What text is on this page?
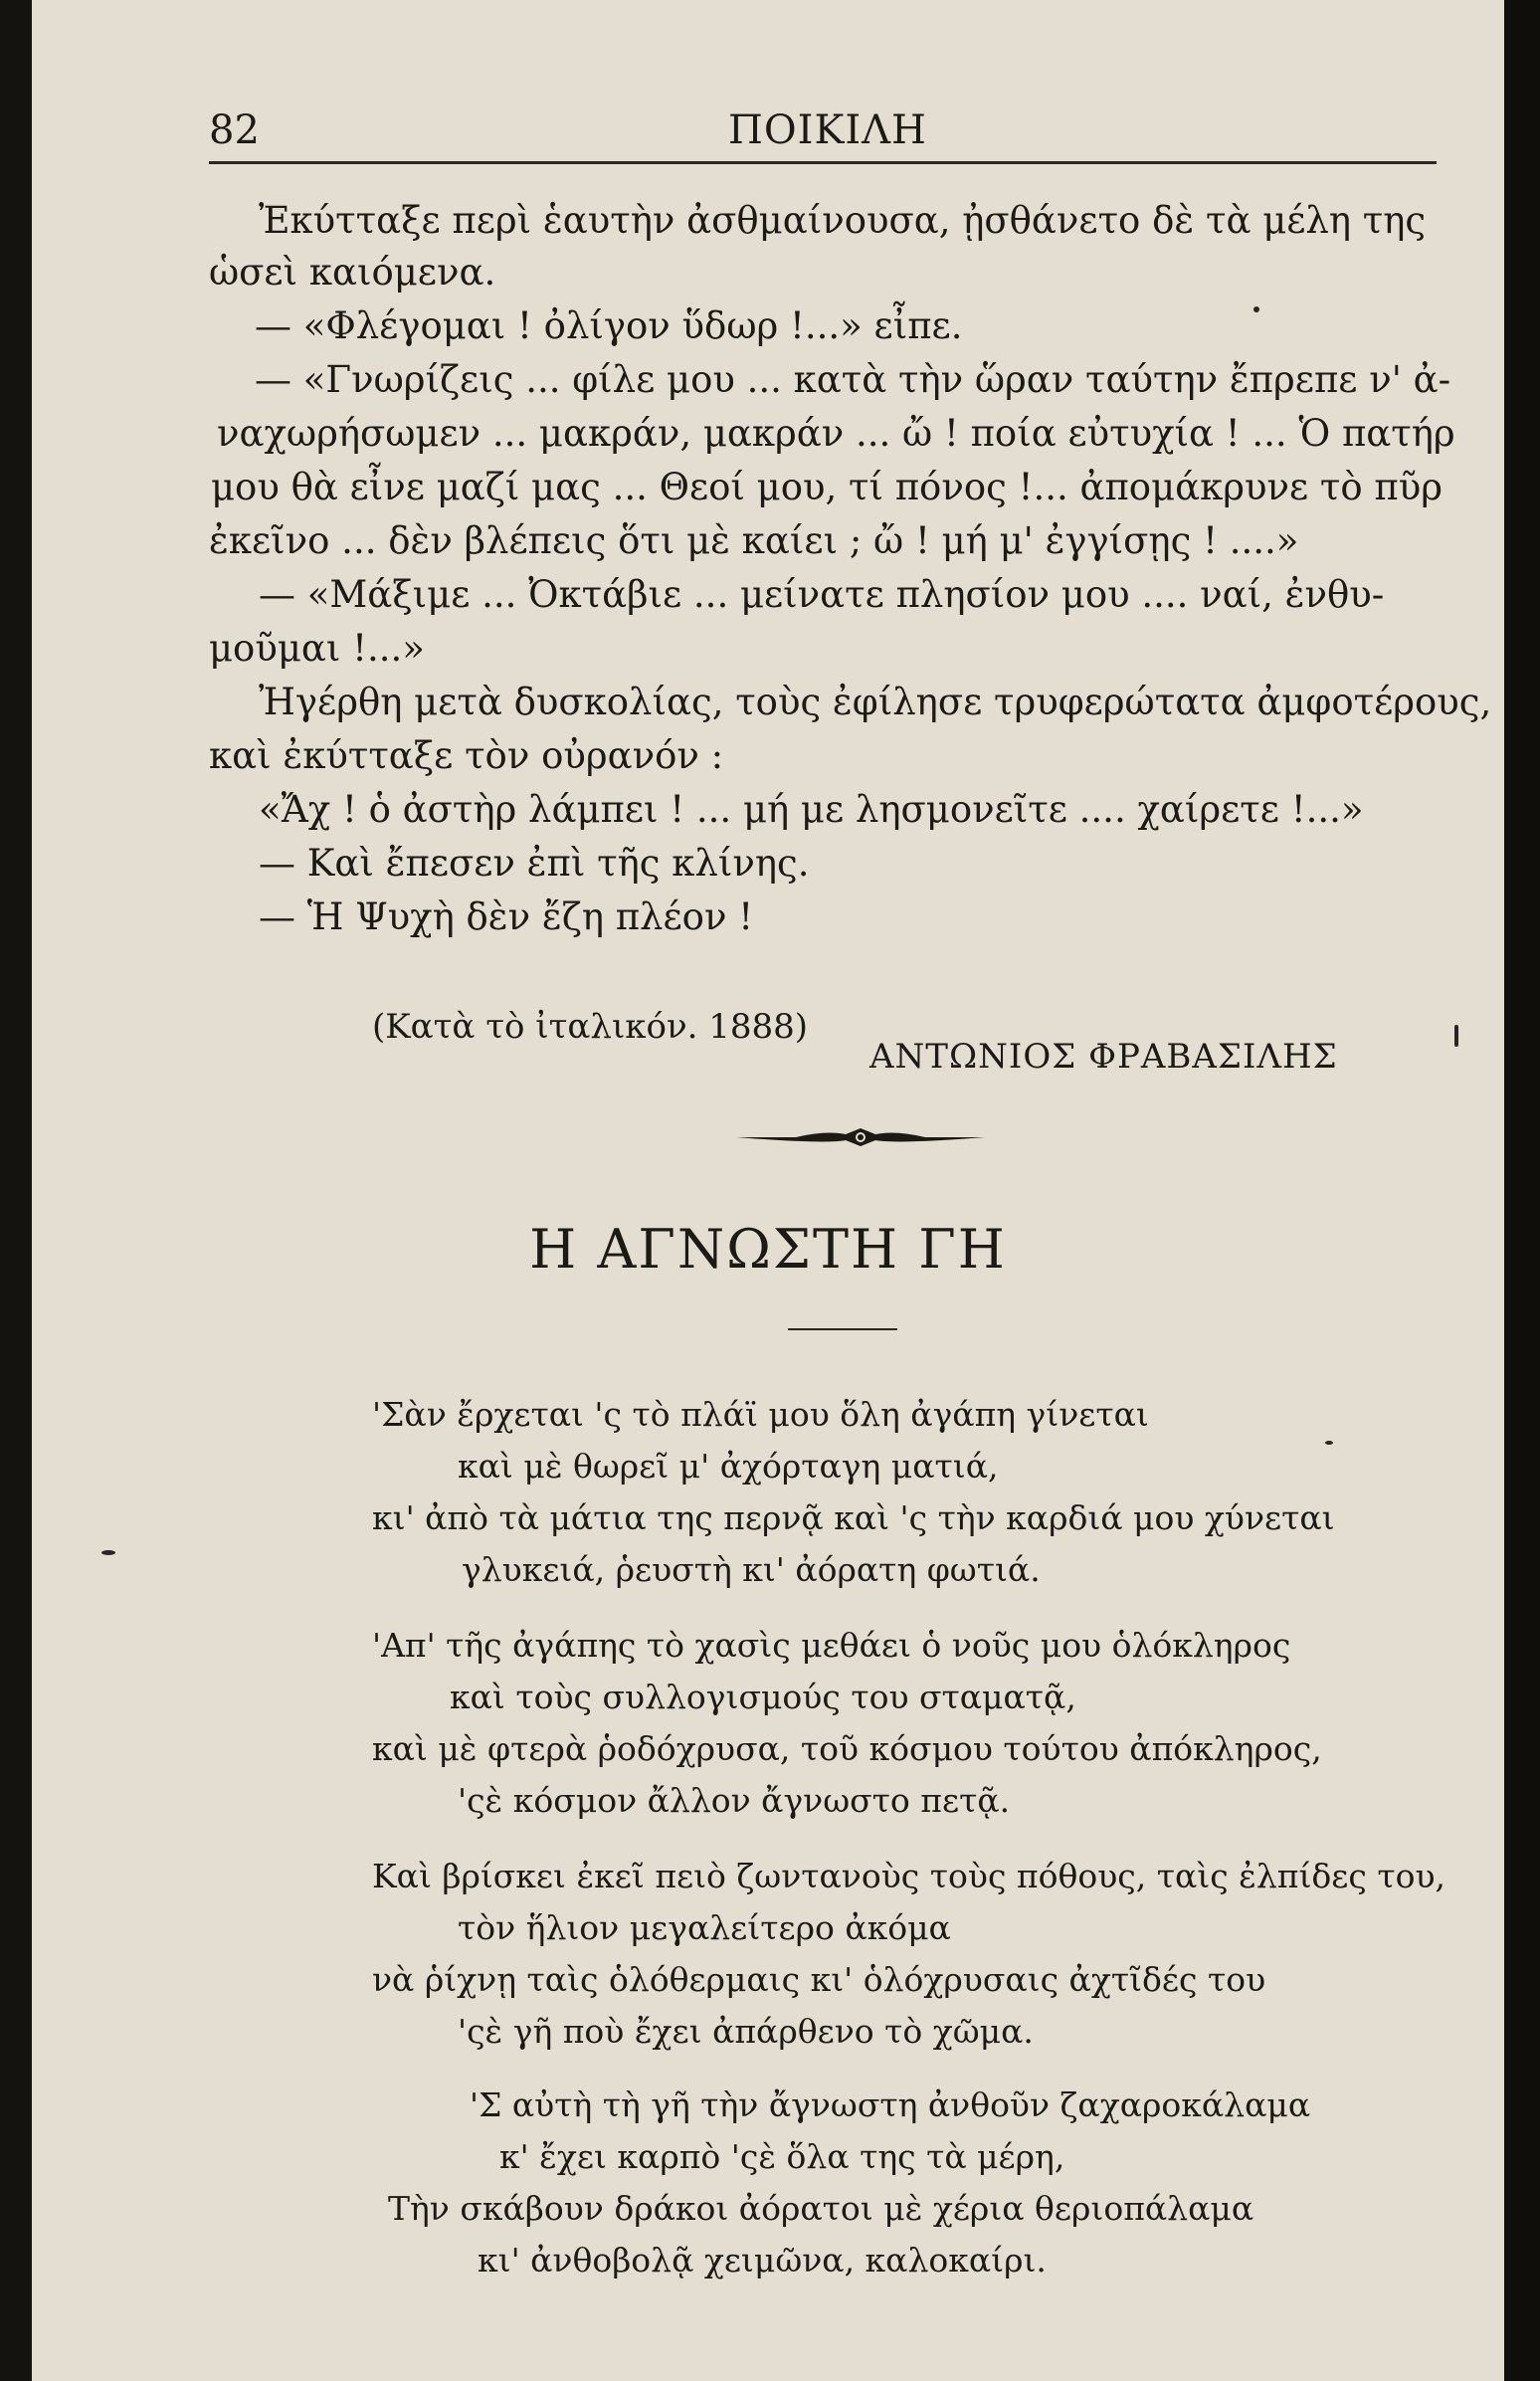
82	ΠΟΙΚΙΛΗ
Ἐκύτταξε περὶ ἑαυτὴν ἀσθμαίνουσα, ᾐσθάνετο δὲ τὰ μέλη της
ὡσεὶ καιόμενα.
— «Φλέγομαι ! ὀλίγον ὕδωρ !...» εἶπε.
— «Γνωρίζεις ... φίλε μου ... κατὰ τὴν ὥραν ταύτην ἔπρεπε ν' ἀ-
ναχωρήσωμεν ... μακράν, μακράν ... ὤ ! ποία εὐτυχία ! ... Ὁ πατήρ
μου θὰ εἶνε μαζί μας ... Θεοί μου, τί πόνος !... ἀπομάκρυνε τὸ πῦρ
ἐκεῖνο ... δὲν βλέπεις ὅτι μὲ καίει ; ὤ ! μή μ' ἐγγίσῃς ! ....»
— «Μάξιμε ... Ὀκτάβιε ... μείνατε πλησίον μου .... ναί, ἐνθυ-
μοῦμαι !...»
Ἠγέρθη μετὰ δυσκολίας, τοὺς ἐφίλησε τρυφερώτατα ἀμφοτέρους,
καὶ ἐκύτταξε τὸν οὐρανόν :
«Ἄχ ! ὁ ἀστὴρ λάμπει ! ... μή με λησμονεῖτε .... χαίρετε !...»
— Καὶ ἔπεσεν ἐπὶ τῆς κλίνης.
— Ἡ Ψυχὴ δὲν ἔζη πλέον !
(Κατὰ τὸ ἰταλικόν. 1888)
ΑΝΤΩΝΙΟΣ ΦΡΑΒΑΣΙΛΗΣ
Η ΑΓΝΩΣΤΗ ΓΗ
'Σὰν ἔρχεται 'ς τὸ πλάϊ μου ὅλη ἀγάπη γίνεται
καὶ μὲ θωρεῖ μ' ἀχόρταγη ματιά,
κι' ἀπὸ τὰ μάτια της περνᾷ καὶ 'ς τὴν καρδιά μου χύνεται
γλυκειά, ῥευστὴ κι' ἀόρατη φωτιά.
'Απ' τῆς ἀγάπης τὸ χασὶς μεθάει ὁ νοῦς μου ὁλόκληρος
καὶ τοὺς συλλογισμούς του σταματᾷ,
καὶ μὲ φτερὰ ῥοδόχρυσα, τοῦ κόσμου τούτου ἀπόκληρος,
'ςὲ κόσμον ἄλλον ἄγνωστο πετᾷ.
Καὶ βρίσκει ἐκεῖ πειὸ ζωντανοὺς τοὺς πόθους, ταὶς ἐλπίδες του,
τὸν ἥλιον μεγαλείτερο ἀκόμα
νὰ ῥίχνῃ ταὶς ὁλόθερμαις κι' ὁλόχρυσαις ἀχτῖδές του
'ςὲ γῆ ποὺ ἔχει ἀπάρθενο τὸ χῶμα.
'Σ αὐτὴ τὴ γῆ τὴν ἄγνωστη ἀνθοῦν ζαχαροκάλαμα
κ' ἔχει καρπὸ 'ςὲ ὅλα της τὰ μέρη,
Τὴν σκάβουν δράκοι ἀόρατοι μὲ χέρια θεριοπάλαμα
κι' ἀνθοβολᾷ χειμῶνα, καλοκαίρι.
